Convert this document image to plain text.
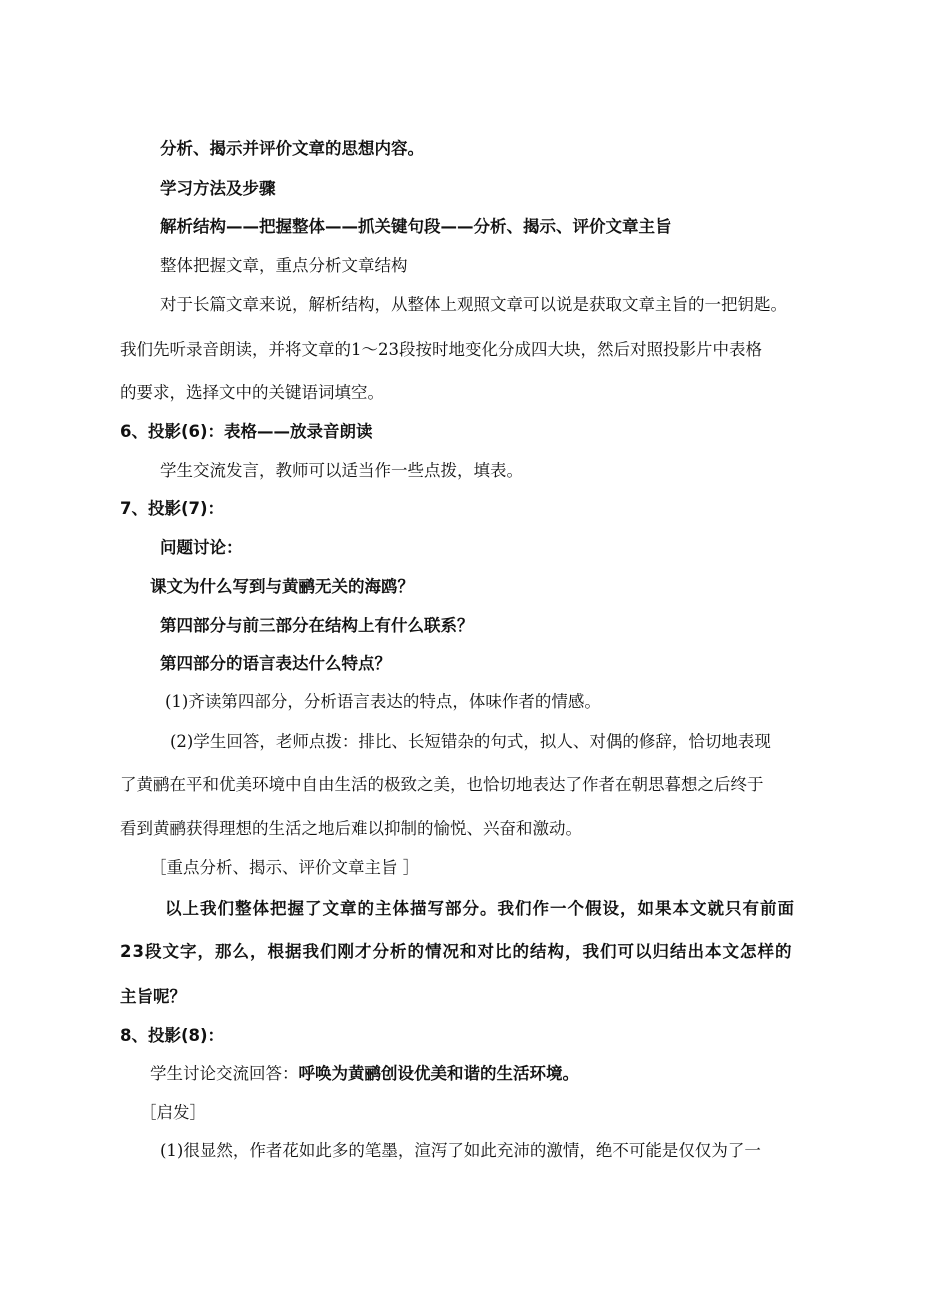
分析、揭示并评价文章的思想内容。
学习方法及步骤
解析结构——把握整体——抓关键句段——分析、揭示、评价文章主旨
整体把握文章，重点分析文章结构
对于长篇文章来说，解析结构，从整体上观照文章可以说是获取文章主旨的一把钥匙。
我们先听录音朗读，并将文章的1～23段按时地变化分成四大块，然后对照投影片中表格
的要求，选择文中的关键语词填空。
6、投影(6)：表格——放录音朗读
学生交流发言，教师可以适当作一些点拨，填表。
7、投影(7)：
问题讨论：
课文为什么写到与黄鹂无关的海鸥？
第四部分与前三部分在结构上有什么联系？
第四部分的语言表达什么特点？
(1)齐读第四部分，分析语言表达的特点，体味作者的情感。
(2)学生回答，老师点拨：排比、长短错杂的句式，拟人、对偶的修辞，恰切地表现
了黄鹂在平和优美环境中自由生活的极致之美，也恰切地表达了作者在朝思暮想之后终于
看到黄鹂获得理想的生活之地后难以抑制的愉悦、兴奋和激动。
［重点分析、揭示、评价文章主旨 ］
以上我们整体把握了文章的主体描写部分。我们作一个假设，如果本文就只有前面
23段文字，那么，根据我们刚才分析的情况和对比的结构，我们可以归结出本文怎样的
主旨呢？
8、投影(8)：
学生讨论交流回答：呼唤为黄鹂创设优美和谐的生活环境。
［启发］
(1)很显然，作者花如此多的笔墨，渲泻了如此充沛的激情，绝不可能是仅仅为了一
